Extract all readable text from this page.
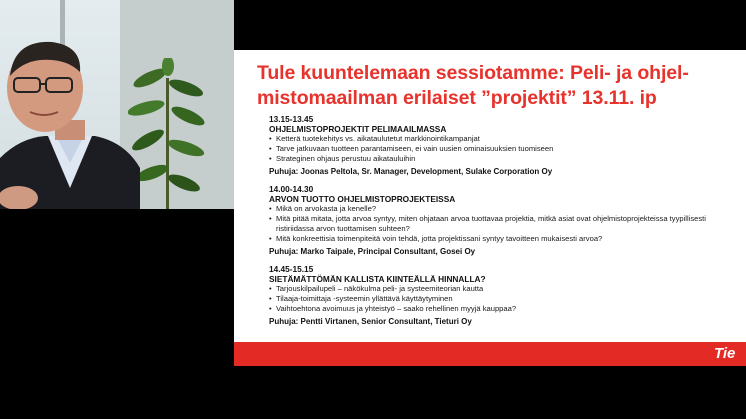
Tule kuuntelemaan sessiotamme: Peli- ja ohjel-
mistomaailman erilaiset ”projektit” 13.11. ip
13.15-13.45
OHJELMISTOPROJEKTIT PELIMAAILMASSA
• Ketterä tuotekehitys vs. aikataulutetut markkinointikampanjat
• Tarve jatkuvaan tuotteen parantamiseen, ei vain uusien ominaisuuksien tuomiseen
• Strateginen ohjaus perustuu aikatauluihin
Puhuja: Joonas Peltola, Sr. Manager, Development, Sulake Corporation Oy
14.00-14.30
ARVON TUOTTO OHJELMISTOPROJEKTEISSA
• Mikä on arvokasta ja kenelle?
• Mitä pitää mitata, jotta arvoa syntyy, miten ohjataan arvoa tuottavaa projektia, mitkä asiat ovat ohjelmistoprojekteissa tyypillisesti ristiriidassa arvon tuottamisen suhteen?
• Mitä konkreettisia toimenpiteitä voin tehdä, jotta projektissani syntyy tavoitteen mukaisesti arvoa?
Puhuja: Marko Taipale, Principal Consultant, Gosei Oy
14.45-15.15
SIETÄMÄTTÖMÄN KALLISTA KIINTEÄLLÄ HINNALLA?
• Tarjouskilpailupeli – näkökulma peli- ja systeemiteorian kautta
• Tilaaja-toimittaja -systeemin yllättävä käyttäytyminen
• Vaihtoehtona avoimuus ja yhteistyö – saako rehellinen myyjä kauppaa?
Puhuja: Pentti Virtanen, Senior Consultant, Tieturi Oy
Tie
